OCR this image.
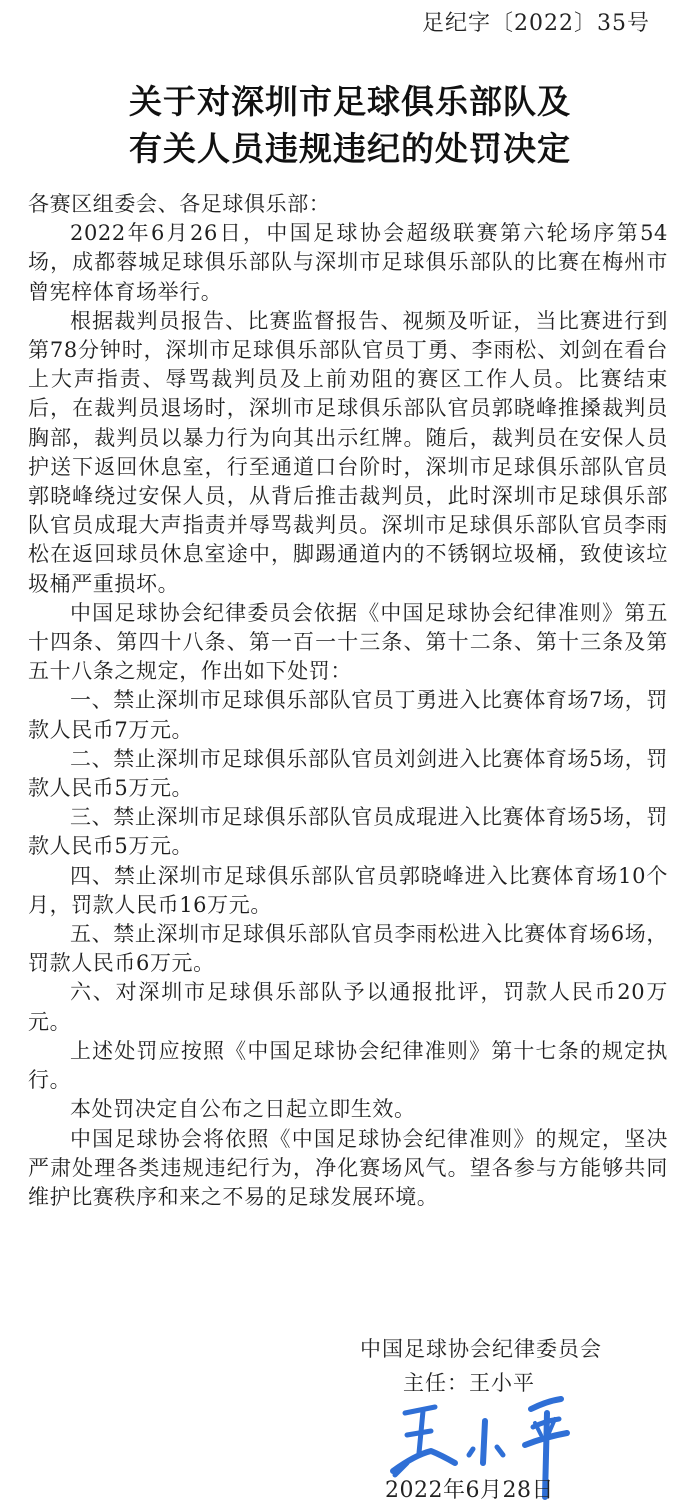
足纪字〔2022〕35号
关于对深圳市足球俱乐部队及
有关人员违规违纪的处罚决定

各赛区组委会、各足球俱乐部：

2022年6月26日，中国足球协会超级联赛第六轮场序第54场，成都蓉城足球俱乐部队与深圳市足球俱乐部队的比赛在梅州市曾宪梓体育场举行。

根据裁判员报告、比赛监督报告、视频及听证，当比赛进行到第78分钟时，深圳市足球俱乐部队官员丁勇、李雨松、刘剑在看台上大声指责、辱骂裁判员及上前劝阻的赛区工作人员。比赛结束后，在裁判员退场时，深圳市足球俱乐部队官员郭晓峰推搡裁判员胸部，裁判员以暴力行为向其出示红牌。随后，裁判员在安保人员护送下返回休息室，行至通道口台阶时，深圳市足球俱乐部队官员郭晓峰绕过安保人员，从背后推击裁判员，此时深圳市足球俱乐部队官员成琨大声指责并辱骂裁判员。深圳市足球俱乐部队官员李雨松在返回球员休息室途中，脚踢通道内的不锈钢垃圾桶，致使该垃圾桶严重损坏。

中国足球协会纪律委员会依据《中国足球协会纪律准则》第五十四条、第四十八条、第一百一十三条、第十二条、第十三条及第五十八条之规定，作出如下处罚：

一、禁止深圳市足球俱乐部队官员丁勇进入比赛体育场7场，罚款人民币7万元。

二、禁止深圳市足球俱乐部队官员刘剑进入比赛体育场5场，罚款人民币5万元。

三、禁止深圳市足球俱乐部队官员成琨进入比赛体育场5场，罚款人民币5万元。

四、禁止深圳市足球俱乐部队官员郭晓峰进入比赛体育场10个月，罚款人民币16万元。

五、禁止深圳市足球俱乐部队官员李雨松进入比赛体育场6场，罚款人民币6万元。

六、对深圳市足球俱乐部队予以通报批评，罚款人民币20万元。

上述处罚应按照《中国足球协会纪律准则》第十七条的规定执行。

本处罚决定自公布之日起立即生效。

中国足球协会将依照《中国足球协会纪律准则》的规定，坚决严肃处理各类违规违纪行为，净化赛场风气。望各参与方能够共同维护比赛秩序和来之不易的足球发展环境。

中国足球协会纪律委员会
主任：王小平
2022年6月28日
